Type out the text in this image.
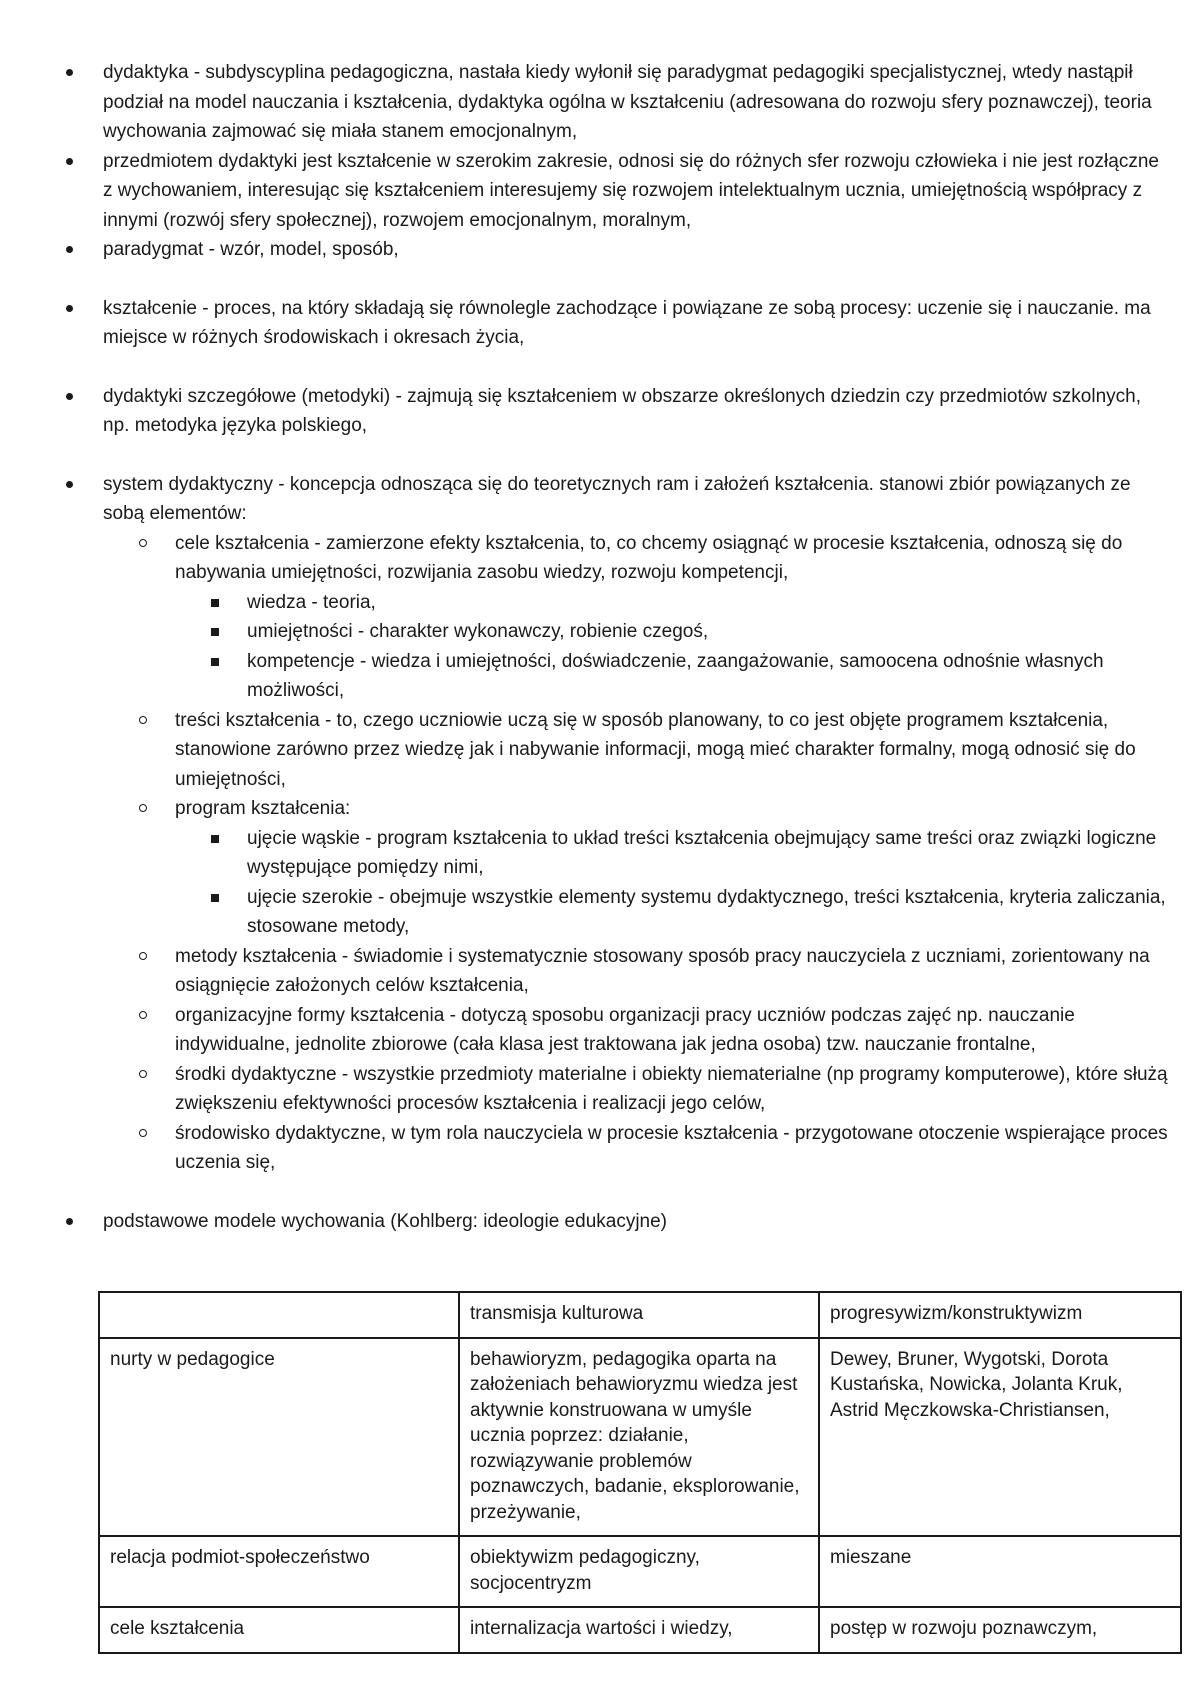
dydaktyka - subdyscyplina pedagogiczna, nastała kiedy wyłonił się paradygmat pedagogiki specjalistycznej, wtedy nastąpił podział na model nauczania i kształcenia, dydaktyka ogólna w kształceniu (adresowana do rozwoju sfery poznawczej), teoria wychowania zajmować się miała stanem emocjonalnym,
przedmiotem dydaktyki jest kształcenie w szerokim zakresie, odnosi się do różnych sfer rozwoju człowieka i nie jest rozłączne z wychowaniem, interesując się kształceniem interesujemy się rozwojem intelektualnym ucznia, umiejętnością współpracy z innymi (rozwój sfery społecznej), rozwojem emocjonalnym, moralnym,
paradygmat - wzór, model, sposób,
kształcenie - proces, na który składają się równolegle zachodzące i powiązane ze sobą procesy: uczenie się i nauczanie. ma miejsce w różnych środowiskach i okresach życia,
dydaktyki szczegółowe (metodyki) - zajmują się kształceniem w obszarze określonych dziedzin czy przedmiotów szkolnych, np. metodyka języka polskiego,
system dydaktyczny - koncepcja odnosząca się do teoretycznych ram i założeń kształcenia. stanowi zbiór powiązanych ze sobą elementów:
cele kształcenia - zamierzone efekty kształcenia, to, co chcemy osiągnąć w procesie kształcenia, odnoszą się do nabywania umiejętności, rozwijania zasobu wiedzy, rozwoju kompetencji,
wiedza - teoria,
umiejętności - charakter wykonawczy, robienie czegoś,
kompetencje - wiedza i umiejętności, doświadczenie, zaangażowanie, samoocena odnośnie własnych możliwości,
treści kształcenia - to, czego uczniowie uczą się w sposób planowany, to co jest objęte programem kształcenia, stanowione zarówno przez wiedzę jak i nabywanie informacji, mogą mieć charakter formalny, mogą odnosić się do umiejętności,
program kształcenia:
ujęcie wąskie - program kształcenia to układ treści kształcenia obejmujący same treści oraz związki logiczne występujące pomiędzy nimi,
ujęcie szerokie - obejmuje wszystkie elementy systemu dydaktycznego, treści kształcenia, kryteria zaliczania, stosowane metody,
metody kształcenia - świadomie i systematycznie stosowany sposób pracy nauczyciela z uczniami, zorientowany na osiągnięcie założonych celów kształcenia,
organizacyjne formy kształcenia - dotyczą sposobu organizacji pracy uczniów podczas zajęć np. nauczanie indywidualne, jednolite zbiorowe (cała klasa jest traktowana jak jedna osoba) tzw. nauczanie frontalne,
środki dydaktyczne - wszystkie przedmioty materialne i obiekty niematerialne (np programy komputerowe), które służą zwiększeniu efektywności procesów kształcenia i realizacji jego celów,
środowisko dydaktyczne, w tym rola nauczyciela w procesie kształcenia - przygotowane otoczenie wspierające proces uczenia się,
podstawowe modele wychowania (Kohlberg: ideologie edukacyjne)
	transmisja kulturowa	progresywizm/konstruktywizm
nurty w pedagogice	behawioryzm, pedagogika oparta na założeniach behawioryzmu wiedza jest aktywnie konstruowana w umyśle ucznia poprzez: działanie, rozwiązywanie problemów poznawczych, badanie, eksplorowanie, przeżywanie,	Dewey, Bruner, Wygotski, Dorota Kustańska, Nowicka, Jolanta Kruk, Astrid Męczkowska-Christiansen,
relacja podmiot-społeczeństwo	obiektywizm pedagogiczny, socjocentryzm	mieszane
cele kształcenia	internalizacja wartości i wiedzy,	postęp w rozwoju poznawczym,
